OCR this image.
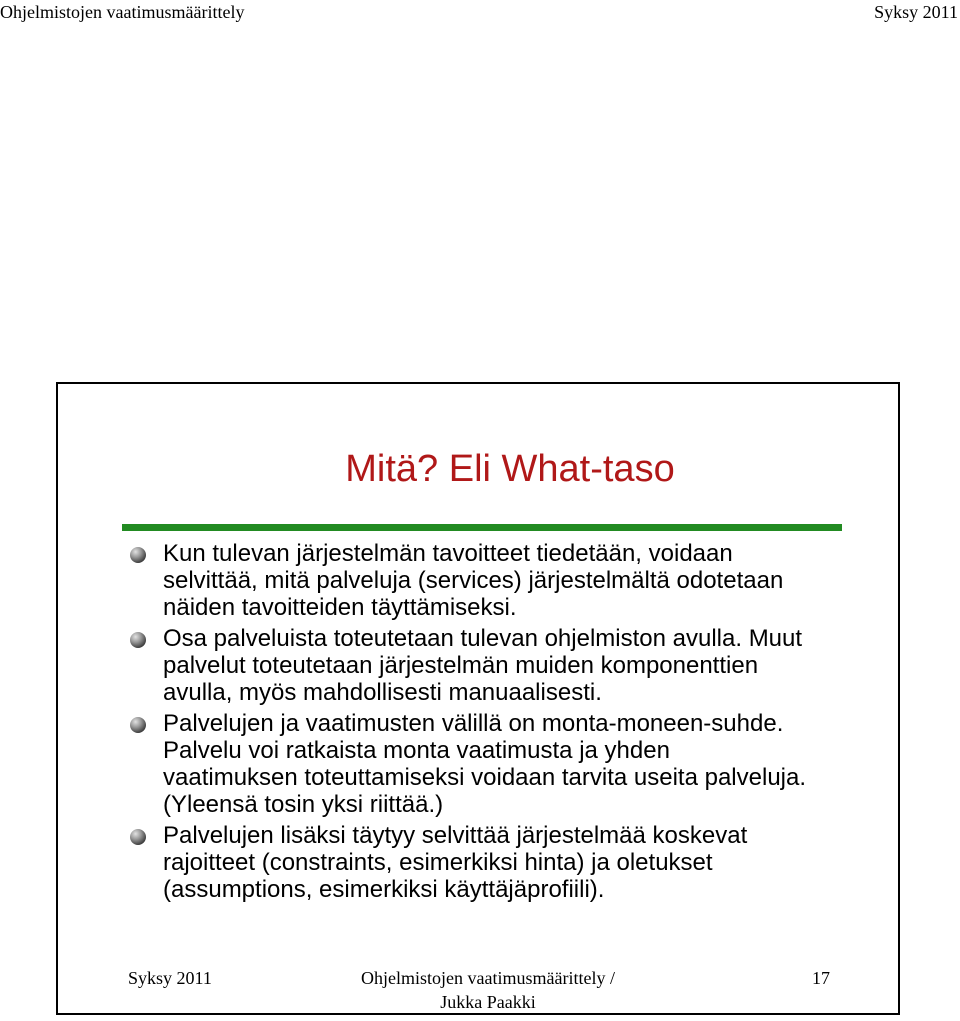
Ohjelmistojen vaatimusmäärittely	Syksy 2011
Mitä? Eli What-taso
Kun tulevan järjestelmän tavoitteet tiedetään, voidaan selvittää, mitä palveluja (services) järjestelmältä odotetaan näiden tavoitteiden täyttämiseksi.
Osa palveluista toteutetaan tulevan ohjelmiston avulla. Muut palvelut toteutetaan järjestelmän muiden komponenttien avulla, myös mahdollisesti manuaalisesti.
Palvelujen ja vaatimusten välillä on monta-moneen-suhde. Palvelu voi ratkaista monta vaatimusta ja yhden vaatimuksen toteuttamiseksi voidaan tarvita useita palveluja. (Yleensä tosin yksi riittää.)
Palvelujen lisäksi täytyy selvittää järjestelmää koskevat rajoitteet (constraints, esimerkiksi hinta) ja oletukset (assumptions, esimerkiksi käyttäjäprofiili).
Syksy 2011	Ohjelmistojen vaatimusmäärittely /
Jukka Paakki
17
